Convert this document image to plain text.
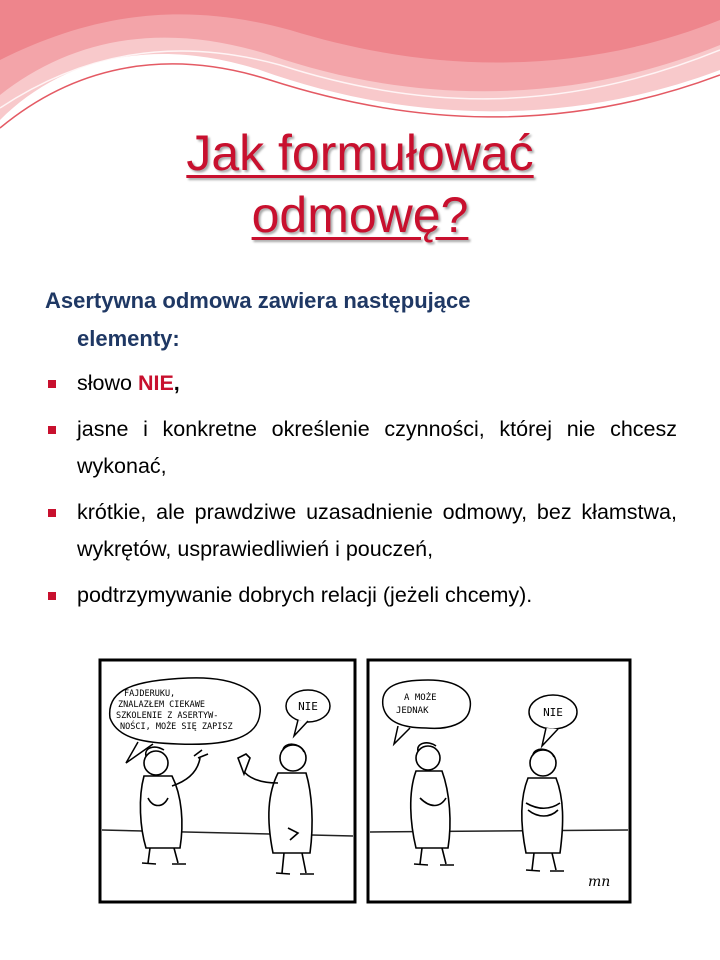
Jak formułować
odmowę?
Asertywna odmowa zawiera następujące
elementy:
słowo NIE,
jasne i konkretne określenie czynności, której nie chcesz wykonać,
krótkie, ale prawdziwe uzasadnienie odmowy, bez kłamstwa, wykrętów, usprawiedliwień i pouczeń,
podtrzymywanie dobrych relacji (jeżeli chcemy).
FAJDERUKU, ZNALAZŁEM CIEKAWE SZKOLENIE Z ASERTYW- NOŚCI, MOŻE SIĘ ZAPISZ
NIE
A MOŻE JEDNAK	NIE
mn
